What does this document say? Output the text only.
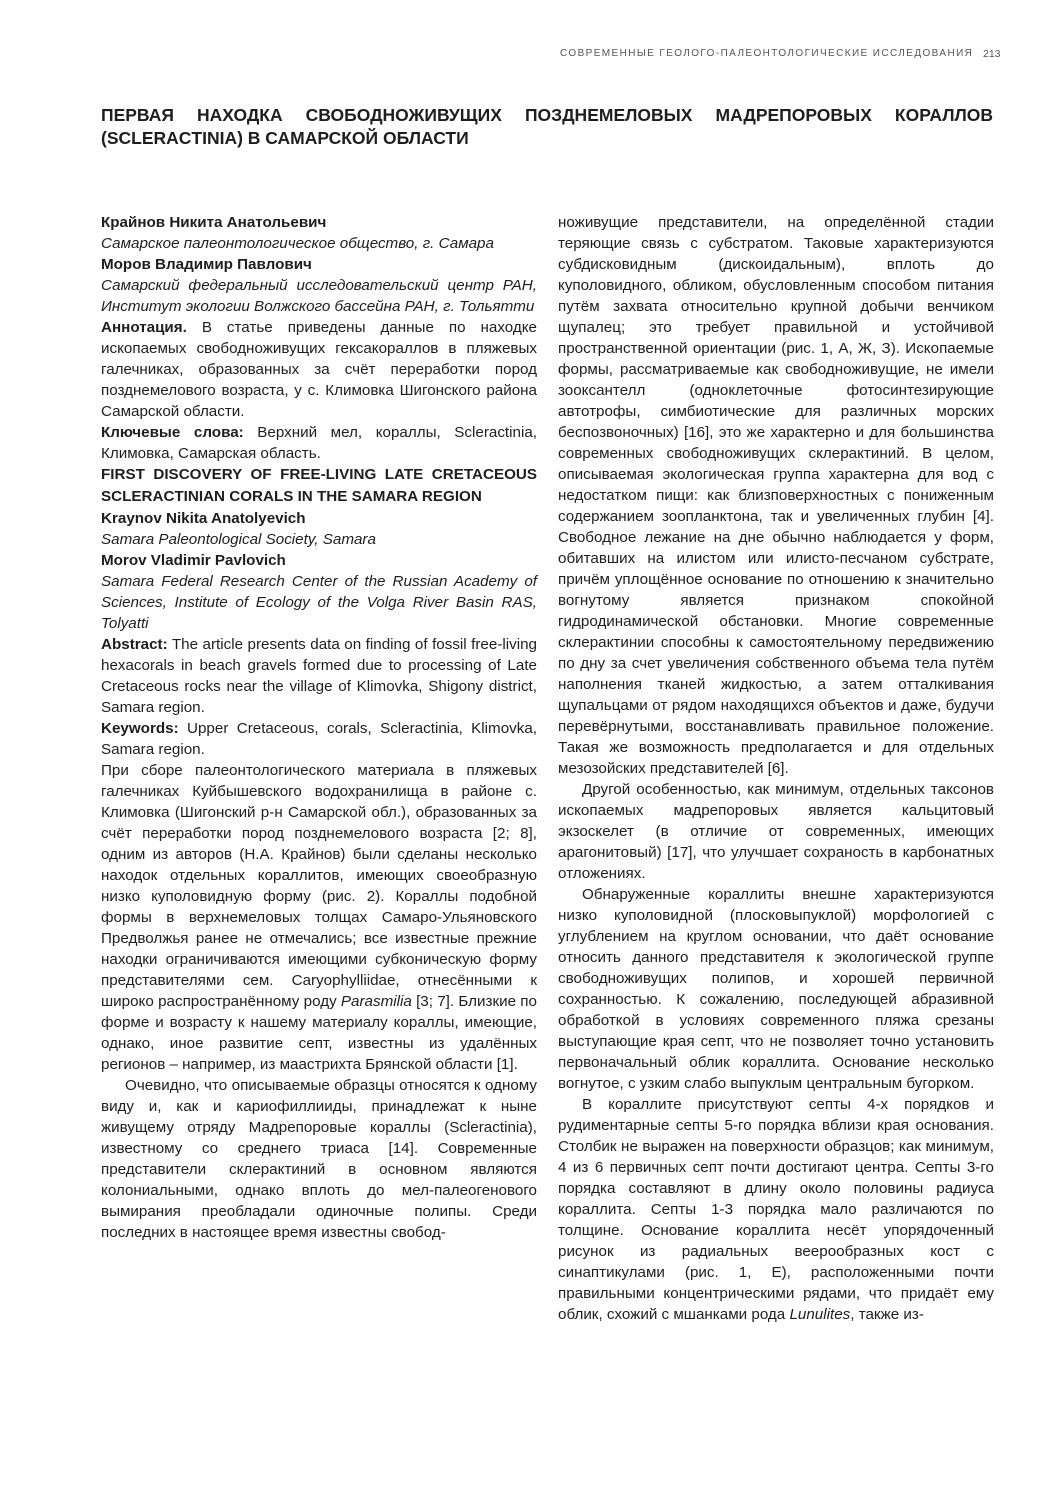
СОВРЕМЕННЫЕ ГЕОЛОГО-ПАЛЕОНТОЛОГИЧЕСКИЕ ИССЛЕДОВАНИЯ 213
ПЕРВАЯ НАХОДКА СВОБОДНОЖИВУЩИХ ПОЗДНЕМЕЛОВЫХ МАДРЕПОРОВЫХ КОРАЛЛОВ (SCLERACTINIA) В САМАРСКОЙ ОБЛАСТИ

Крайнов Никита Анатольевич

Самарское палеонтологическое общество, г. Самара

Моров Владимир Павлович

Самарский федеральный исследовательский центр РАН, Институт экологии Волжского бассейна РАН, г. Тольятти

Аннотация. В статье приведены данные по находке ископаемых свободноживущих гексакораллов в пляжевых галечниках, образованных за счёт переработки пород позднемелового возраста, у с. Климовка Шигонского района Самарской области.

Ключевые слова: Верхний мел, кораллы, Scleractinia, Климовка, Самарская область.

FIRST DISCOVERY OF FREE-LIVING LATE CRETACEOUS SCLERACTINIAN CORALS IN THE SAMARA REGION

Kraynov Nikita Anatolyevich

Samara Paleontological Society, Samara

Morov Vladimir Pavlovich

Samara Federal Research Center of the Russian Academy of Sciences, Institute of Ecology of the Volga River Basin RAS, Tolyatti

Abstract: The article presents data on finding of fossil free-living hexacorals in beach gravels formed due to processing of Late Cretaceous rocks near the village of Klimovka, Shigony district, Samara region.

Keywords: Upper Cretaceous, corals, Scleractinia, Klimovka, Samara region.

При сборе палеонтологического материала в пляжевых галечниках Куйбышевского водохранилища в районе с. Климовка (Шигонский р-н Самарской обл.), образованных за счёт переработки пород позднемелового возраста [2; 8], одним из авторов (Н.А. Крайнов) были сделаны несколько находок отдельных кораллитов, имеющих своеобразную низко куполовидную форму (рис. 2). Кораллы подобной формы в верхнемеловых толщах Самаро-Ульяновского Предволжья ранее не отмечались; все известные прежние находки ограничиваются имеющими субконическую форму представителями сем. Caryophylliidae, отнесёнными к широко распространённому роду Parasmilia [3; 7]. Близкие по форме и возрасту к нашему материалу кораллы, имеющие, однако, иное развитие септ, известны из удалённых регионов – например, из маастрихта Брянской области [1].

Очевидно, что описываемые образцы относятся к одному виду и, как и кариофиллииды, принадлежат к ныне живущему отряду Мадрепоровые кораллы (Scleractinia), известному со среднего триаса [14]. Современные представители склерактиний в основном являются колониальными, однако вплоть до мел-палеогенового вымирания преобладали одиночные полипы. Среди последних в настоящее время известны свобод-

ноживущие представители, на определённой стадии теряющие связь с субстратом. Таковые характеризуются субдисковидным (дискоидальным), вплоть до куполовидного, обликом, обусловленным способом питания путём захвата относительно крупной добычи венчиком щупалец; это требует правильной и устойчивой пространственной ориентации (рис. 1, А, Ж, З). Ископаемые формы, рассматриваемые как свободноживущие, не имели зооксантелл (одноклеточные фотосинтезирующие автотрофы, симбиотические для различных морских беспозвоночных) [16], это же характерно и для большинства современных свободноживущих склерактиний. В целом, описываемая экологическая группа характерна для вод с недостатком пищи: как близповерхностных с пониженным содержанием зоопланктона, так и увеличенных глубин [4]. Свободное лежание на дне обычно наблюдается у форм, обитавших на илистом или илисто-песчаном субстрате, причём уплощённое основание по отношению к значительно вогнутому является признаком спокойной гидродинамической обстановки. Многие современные склерактинии способны к самостоятельному передвижению по дну за счет увеличения собственного объема тела путём наполнения тканей жидкостью, а затем отталкивания щупальцами от рядом находящихся объектов и даже, будучи перевёрнутыми, восстанавливать правильное положение. Такая же возможность предполагается и для отдельных мезозойских представителей [6].

Другой особенностью, как минимум, отдельных таксонов ископаемых мадрепоровых является кальцитовый экзоскелет (в отличие от современных, имеющих арагонитовый) [17], что улучшает сохраность в карбонатных отложениях.

Обнаруженные кораллиты внешне характеризуются низко куполовидной (плосковыпуклой) морфологией с углублением на круглом основании, что даёт основание относить данного представителя к экологической группе свободноживущих полипов, и хорошей первичной сохранностью. К сожалению, последующей абразивной обработкой в условиях современного пляжа срезаны выступающие края септ, что не позволяет точно установить первоначальный облик кораллита. Основание несколько вогнутое, с узким слабо выпуклым центральным бугорком.

В кораллите присутствуют септы 4-х порядков и рудиментарные септы 5-го порядка вблизи края основания. Столбик не выражен на поверхности образцов; как минимум, 4 из 6 первичных септ почти достигают центра. Септы 3-го порядка составляют в длину около половины радиуса кораллита. Септы 1-3 порядка мало различаются по толщине. Основание кораллита несёт упорядоченный рисунок из радиальных веерообразных кост с синаптикулами (рис. 1, Е), расположенными почти правильными концентрическими рядами, что придаёт ему облик, схожий с мшанками рода Lunulites, также из-
